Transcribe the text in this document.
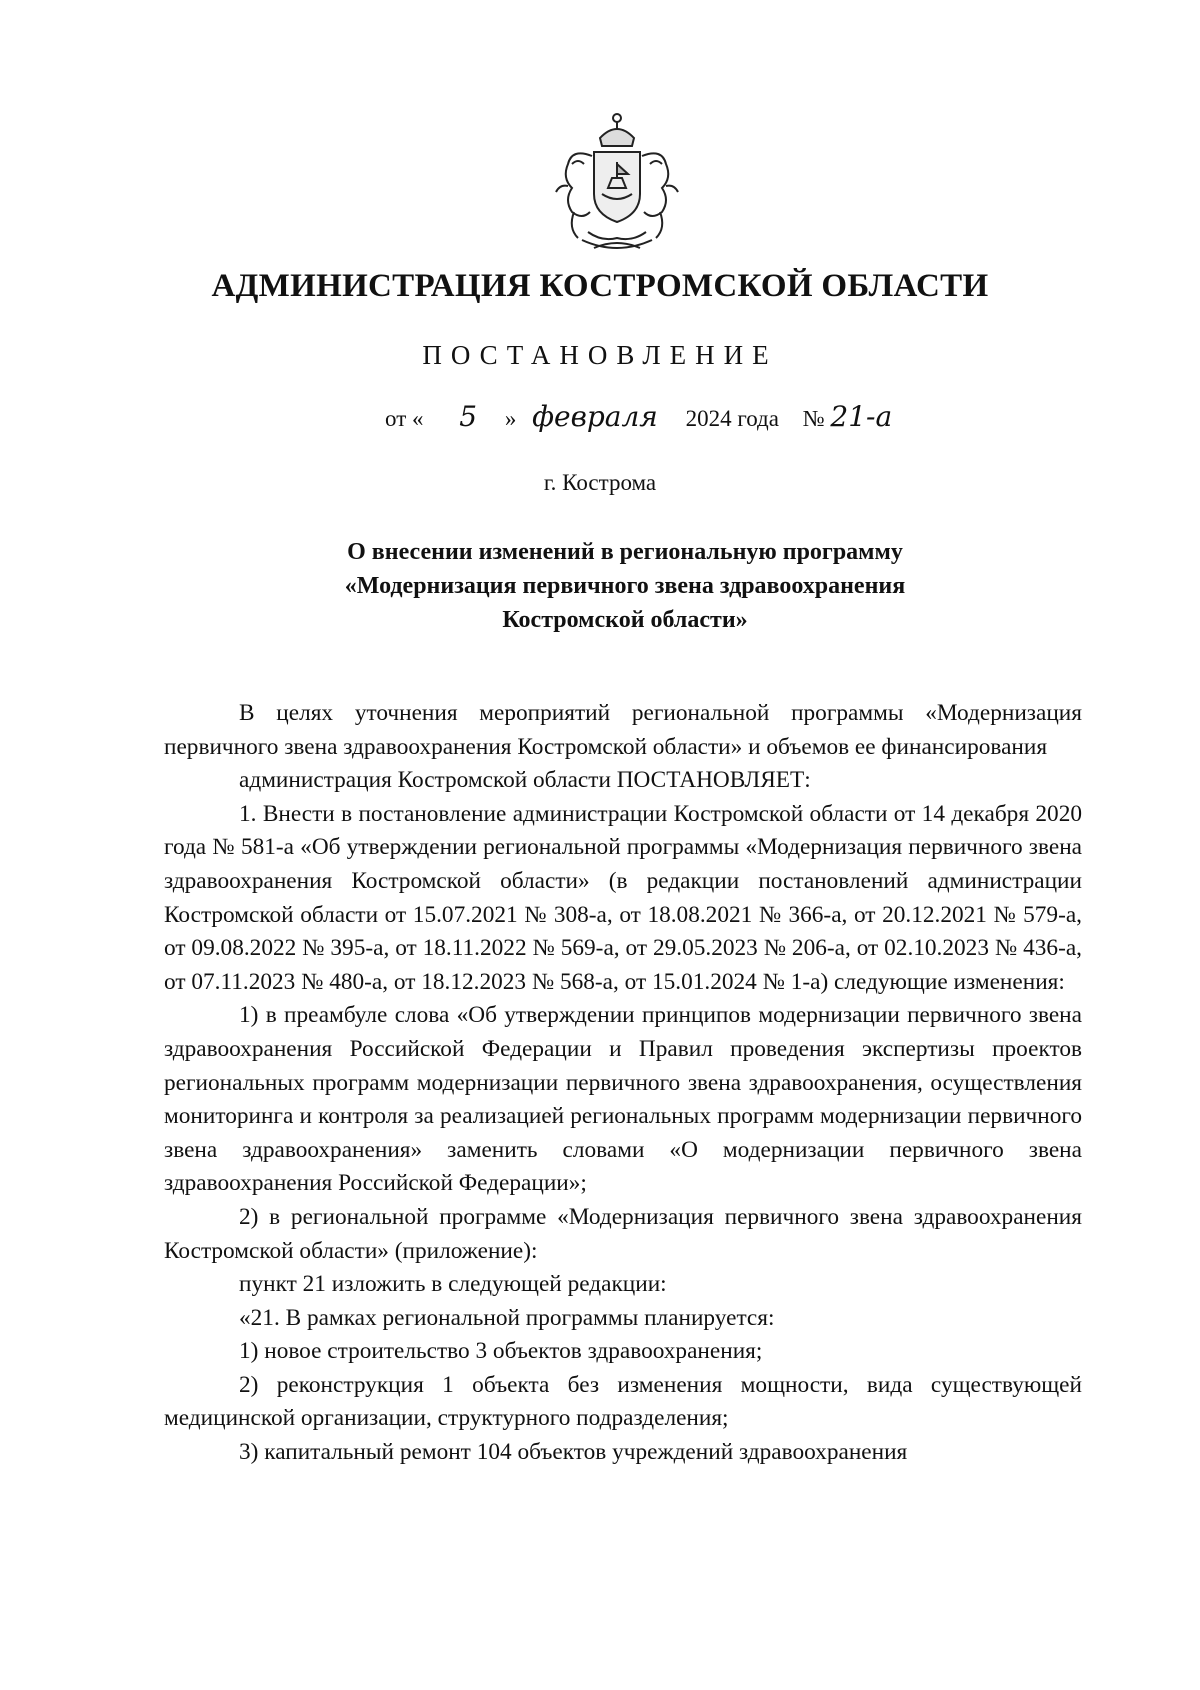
АДМИНИСТРАЦИЯ КОСТРОМСКОЙ ОБЛАСТИ
ПОСТАНОВЛЕНИЕ
от « 5 » февраля 2024 года № 21-а
г. Кострома
О внесении изменений в региональную программу
«Модернизация первичного звена здравоохранения
Костромской области»

В целях уточнения мероприятий региональной программы «Модернизация первичного звена здравоохранения Костромской области» и объемов ее финансирования

администрация Костромской области ПОСТАНОВЛЯЕТ:

1. Внести в постановление администрации Костромской области от 14 декабря 2020 года № 581-а «Об утверждении региональной программы «Модернизация первичного звена здравоохранения Костромской области» (в редакции постановлений администрации Костромской области от 15.07.2021 № 308-а, от 18.08.2021 № 366-а, от 20.12.2021 № 579-а, от 09.08.2022 № 395-а, от 18.11.2022 № 569-а, от 29.05.2023 № 206-а, от 02.10.2023 № 436-а, от 07.11.2023 № 480-а, от 18.12.2023 № 568-а, от 15.01.2024 № 1-а) следующие изменения:

1) в преамбуле слова «Об утверждении принципов модернизации первичного звена здравоохранения Российской Федерации и Правил проведения экспертизы проектов региональных программ модернизации первичного звена здравоохранения, осуществления мониторинга и контроля за реализацией региональных программ модернизации первичного звена здравоохранения» заменить словами «О модернизации первичного звена здравоохранения Российской Федерации»;

2) в региональной программе «Модернизация первичного звена здравоохранения Костромской области» (приложение):

пункт 21 изложить в следующей редакции:

«21. В рамках региональной программы планируется:

1) новое строительство 3 объектов здравоохранения;

2) реконструкция 1 объекта без изменения мощности, вида существующей медицинской организации, структурного подразделения;

3) капитальный ремонт 104 объектов учреждений здравоохранения
